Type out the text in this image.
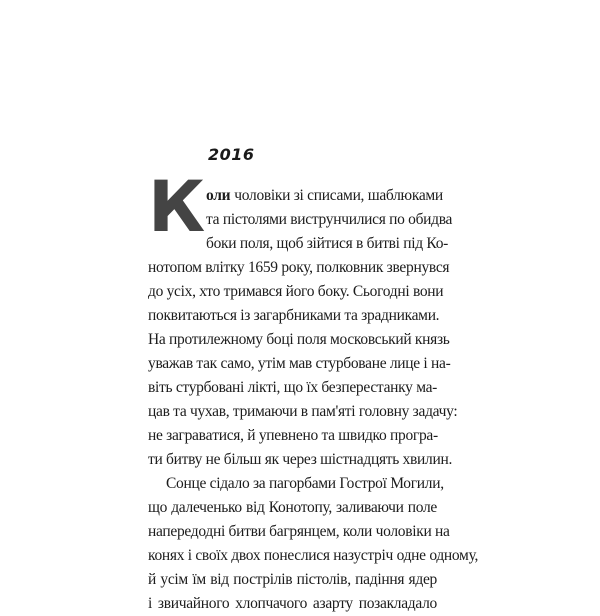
2016
К оли чоловіки зі списами, шаблюками
та пістолями виструнчилися по обидва
боки поля, щоб зійтися в битві під Ко-
нотопом влітку 1659 року, полковник звернувся
до усіх, хто тримався його боку. Сьогодні вони
поквитаються із загарбниками та зрадниками.
На протилежному боці поля московський князь
уважав так само, утім мав стурбоване лице і на-
віть стурбовані лікті, що їх безперестанку ма-
цав та чухав, тримаючи в пам'яті головну задачу:
не загравaтися, й упевнено та швидко програ-
ти битву не більш як через шістнадцять хвилин.
Сонце сідало за пагорбами Гострої Могили,
що далеченько від Конотопу, заливаючи поле
напередодні битви багрянцем, коли чоловіки на
конях і своїх двох понеслися назустріч одне одному,
й усім їм від пострілів пістолів, падіння ядер
і звичайного хлопчачого азарту позакладало
